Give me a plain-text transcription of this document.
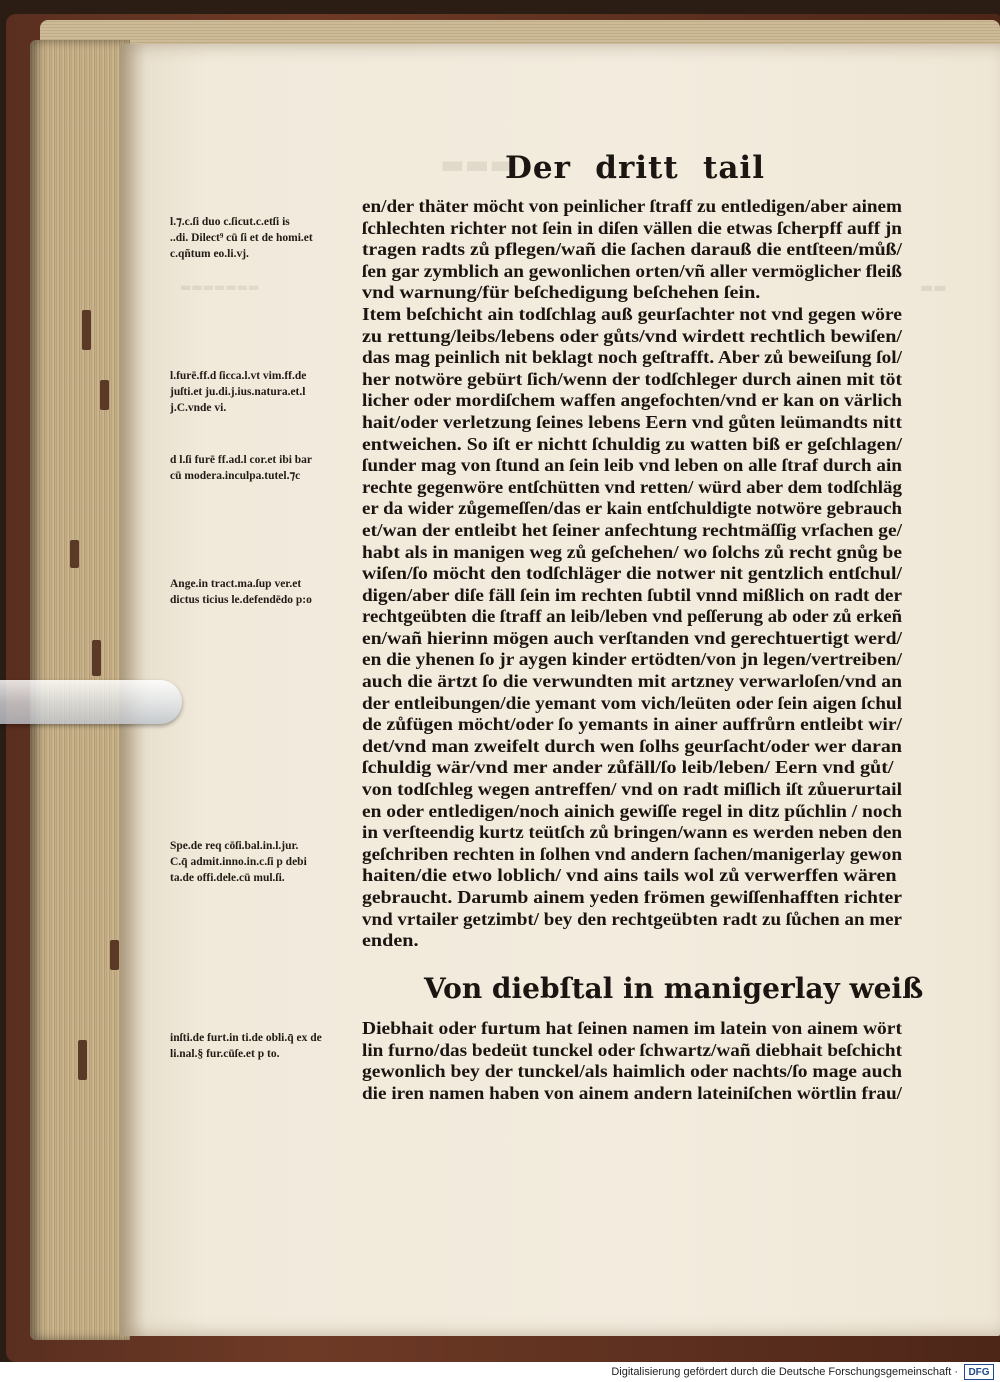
▬▬▬
▬▬▬▬▬▬▬	▬▬
Der dritt tail
l.⁊.c.ſi duo c.ſicut.c.etſi is
..di. Dilect⁹ cū ſi et de homi.et
c.qñtum eo.li.vj.
l.furē.ff.d ſicca.l.vt vim.ff.de
juſti.et ju.di.j.ius.natura.et.l
j.C.vnde vi.
d l.ſi furē ff.ad.l cor.et ibi bar
cū modera.inculpa.tutel.⁊c
Ange.in tract.ma.ſup ver.et
dictus ticius le.defendēdo p:o
Spe.de req cōſi.bal.in.l.jur.
C.q̄ admit.inno.in.c.ſi p debi
ta.de offi.dele.cū mul.ſi.
inſti.de furt.in ti.de obli.q̄ ex de
li.nal.§ fur.cūſe.et p to.
en/der thäter möcht von peinlicher ſtraff zu entledigen/aber ainem
ſchlechten richter not ſein in diſen vällen die etwas ſcherpff auff jn
tragen radts zů pflegen/wañ die ſachen darauß die entſteen/můß/
ſen gar zymblich an gewonlichen orten/vñ aller vermöglicher fleiß
vnd warnung/für beſchedigung beſchehen ſein.
Item beſchicht ain todſchlag auß geurſachter not vnd gegen wöre
zu rettung/leibs/lebens oder gůts/vnd wirdett rechtlich bewiſen/
das mag peinlich nit beklagt noch geſtrafft. Aber zů beweiſung ſol/
her notwöre gebürt ſich/wenn der todſchleger durch ainen mit töt
licher oder mordiſchem waffen angefochten/vnd er kan on värlich
hait/oder verletzung ſeines lebens Eern vnd gůten leümandts nitt
entweichen. So iſt er nichtt ſchuldig zu watten biß er geſchlagen/
ſunder mag von ſtund an ſein leib vnd leben on alle ſtraf durch ain
rechte gegenwöre entſchütten vnd retten/ würd aber dem todſchläg
er da wider zůgemeſſen/das er kain entſchuldigte notwöre gebrauch
et/wan der entleibt het ſeiner anfechtung rechtmäſſig vrſachen ge/
habt als in manigen weg zů geſchehen/ wo ſolchs zů recht gnůg be
wiſen/ſo möcht den todſchläger die notwer nit gentzlich entſchul/
digen/aber diſe fäll ſein im rechten ſubtil vnnd mißlich on radt der
rechtgeübten die ſtraff an leib/leben vnd peſſerung ab oder zů erkeñ
en/wañ hierinn mögen auch verſtanden vnd gerechtuertigt werd/
en die yhenen ſo jr aygen kinder ertödten/von jn legen/vertreiben/
auch die ärtzt ſo die verwundten mit artzney verwarloſen/vnd an
der entleibungen/die yemant vom vich/leüten oder ſein aigen ſchul
de zůfügen möcht/oder ſo yemants in ainer auffrůrn entleibt wir/
det/vnd man zweifelt durch wen ſolhs geurſacht/oder wer daran
ſchuldig wär/vnd mer ander zůfäll/ſo leib/leben/ Eern vnd gůt/
von todſchleg wegen antreffen/ vnd on radt miſlich iſt zůuerurtail
en oder entledigen/noch ainich gewiſſe regel in ditz pűchlin / noch
in verſteendig kurtz teütſch zů bringen/wann es werden neben den
geſchriben rechten in ſolhen vnd andern ſachen/manigerlay gewon
haiten/die etwo loblich/ vnd ains tails wol zů verwerffen wären
gebraucht. Darumb ainem yeden frömen gewiſſenhafften richter
vnd vrtailer getzimbt/ bey den rechtgeübten radt zu ſůchen an mer
enden.
Von diebſtal in manigerlay weiß
Diebhait oder furtum hat ſeinen namen im latein von ainem wört
lin furno/das bedeüt tunckel oder ſchwartz/wañ diebhait beſchicht
gewonlich bey der tunckel/als haimlich oder nachts/ſo mage auch
die iren namen haben von ainem andern lateiniſchen wörtlin frau/
Digitalisierung gefördert durch die Deutsche Forschungsgemeinschaft ·	DFG
